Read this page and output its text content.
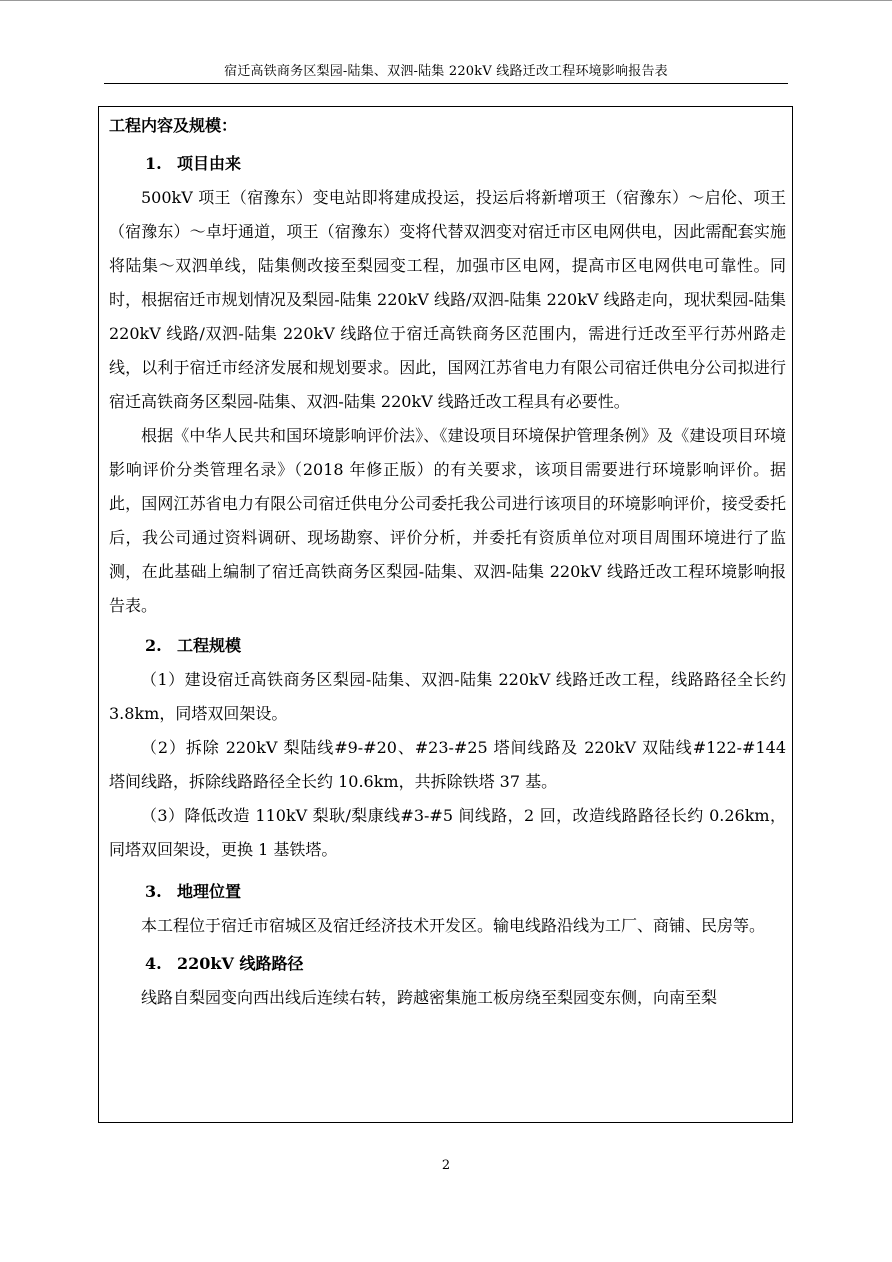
宿迁高铁商务区梨园-陆集、双泗-陆集 220kV 线路迁改工程环境影响报告表
工程内容及规模：
1. 项目由来

500kV 项王（宿豫东）变电站即将建成投运，投运后将新增项王（宿豫东）～启伦、项王（宿豫东）～卓圩通道，项王（宿豫东）变将代替双泗变对宿迁市区电网供电，因此需配套实施将陆集～双泗单线，陆集侧改接至梨园变工程，加强市区电网，提高市区电网供电可靠性。同时，根据宿迁市规划情况及梨园-陆集 220kV 线路/双泗-陆集 220kV 线路走向，现状梨园-陆集 220kV 线路/双泗-陆集 220kV 线路位于宿迁高铁商务区范围内，需进行迁改至平行苏州路走线，以利于宿迁市经济发展和规划要求。因此，国网江苏省电力有限公司宿迁供电分公司拟进行宿迁高铁商务区梨园-陆集、双泗-陆集 220kV 线路迁改工程具有必要性。

根据《中华人民共和国环境影响评价法》、《建设项目环境保护管理条例》及《建设项目环境影响评价分类管理名录》（2018 年修正版）的有关要求，该项目需要进行环境影响评价。据此，国网江苏省电力有限公司宿迁供电分公司委托我公司进行该项目的环境影响评价，接受委托后，我公司通过资料调研、现场勘察、评价分析，并委托有资质单位对项目周围环境进行了监测，在此基础上编制了宿迁高铁商务区梨园-陆集、双泗-陆集 220kV 线路迁改工程环境影响报告表。

2. 工程规模

（1）建设宿迁高铁商务区梨园-陆集、双泗-陆集 220kV 线路迁改工程，线路路径全长约 3.8km，同塔双回架设。

（2）拆除 220kV 梨陆线#9-#20、#23-#25 塔间线路及 220kV 双陆线#122-#144 塔间线路，拆除线路路径全长约 10.6km，共拆除铁塔 37 基。

（3）降低改造 110kV 梨耿/梨康线#3-#5 间线路，2 回，改造线路路径长约 0.26km，同塔双回架设，更换 1 基铁塔。

3. 地理位置

本工程位于宿迁市宿城区及宿迁经济技术开发区。输电线路沿线为工厂、商铺、民房等。

4. 220kV 线路路径

线路自梨园变向西出线后连续右转，跨越密集施工板房绕至梨园变东侧，向南至梨

2
